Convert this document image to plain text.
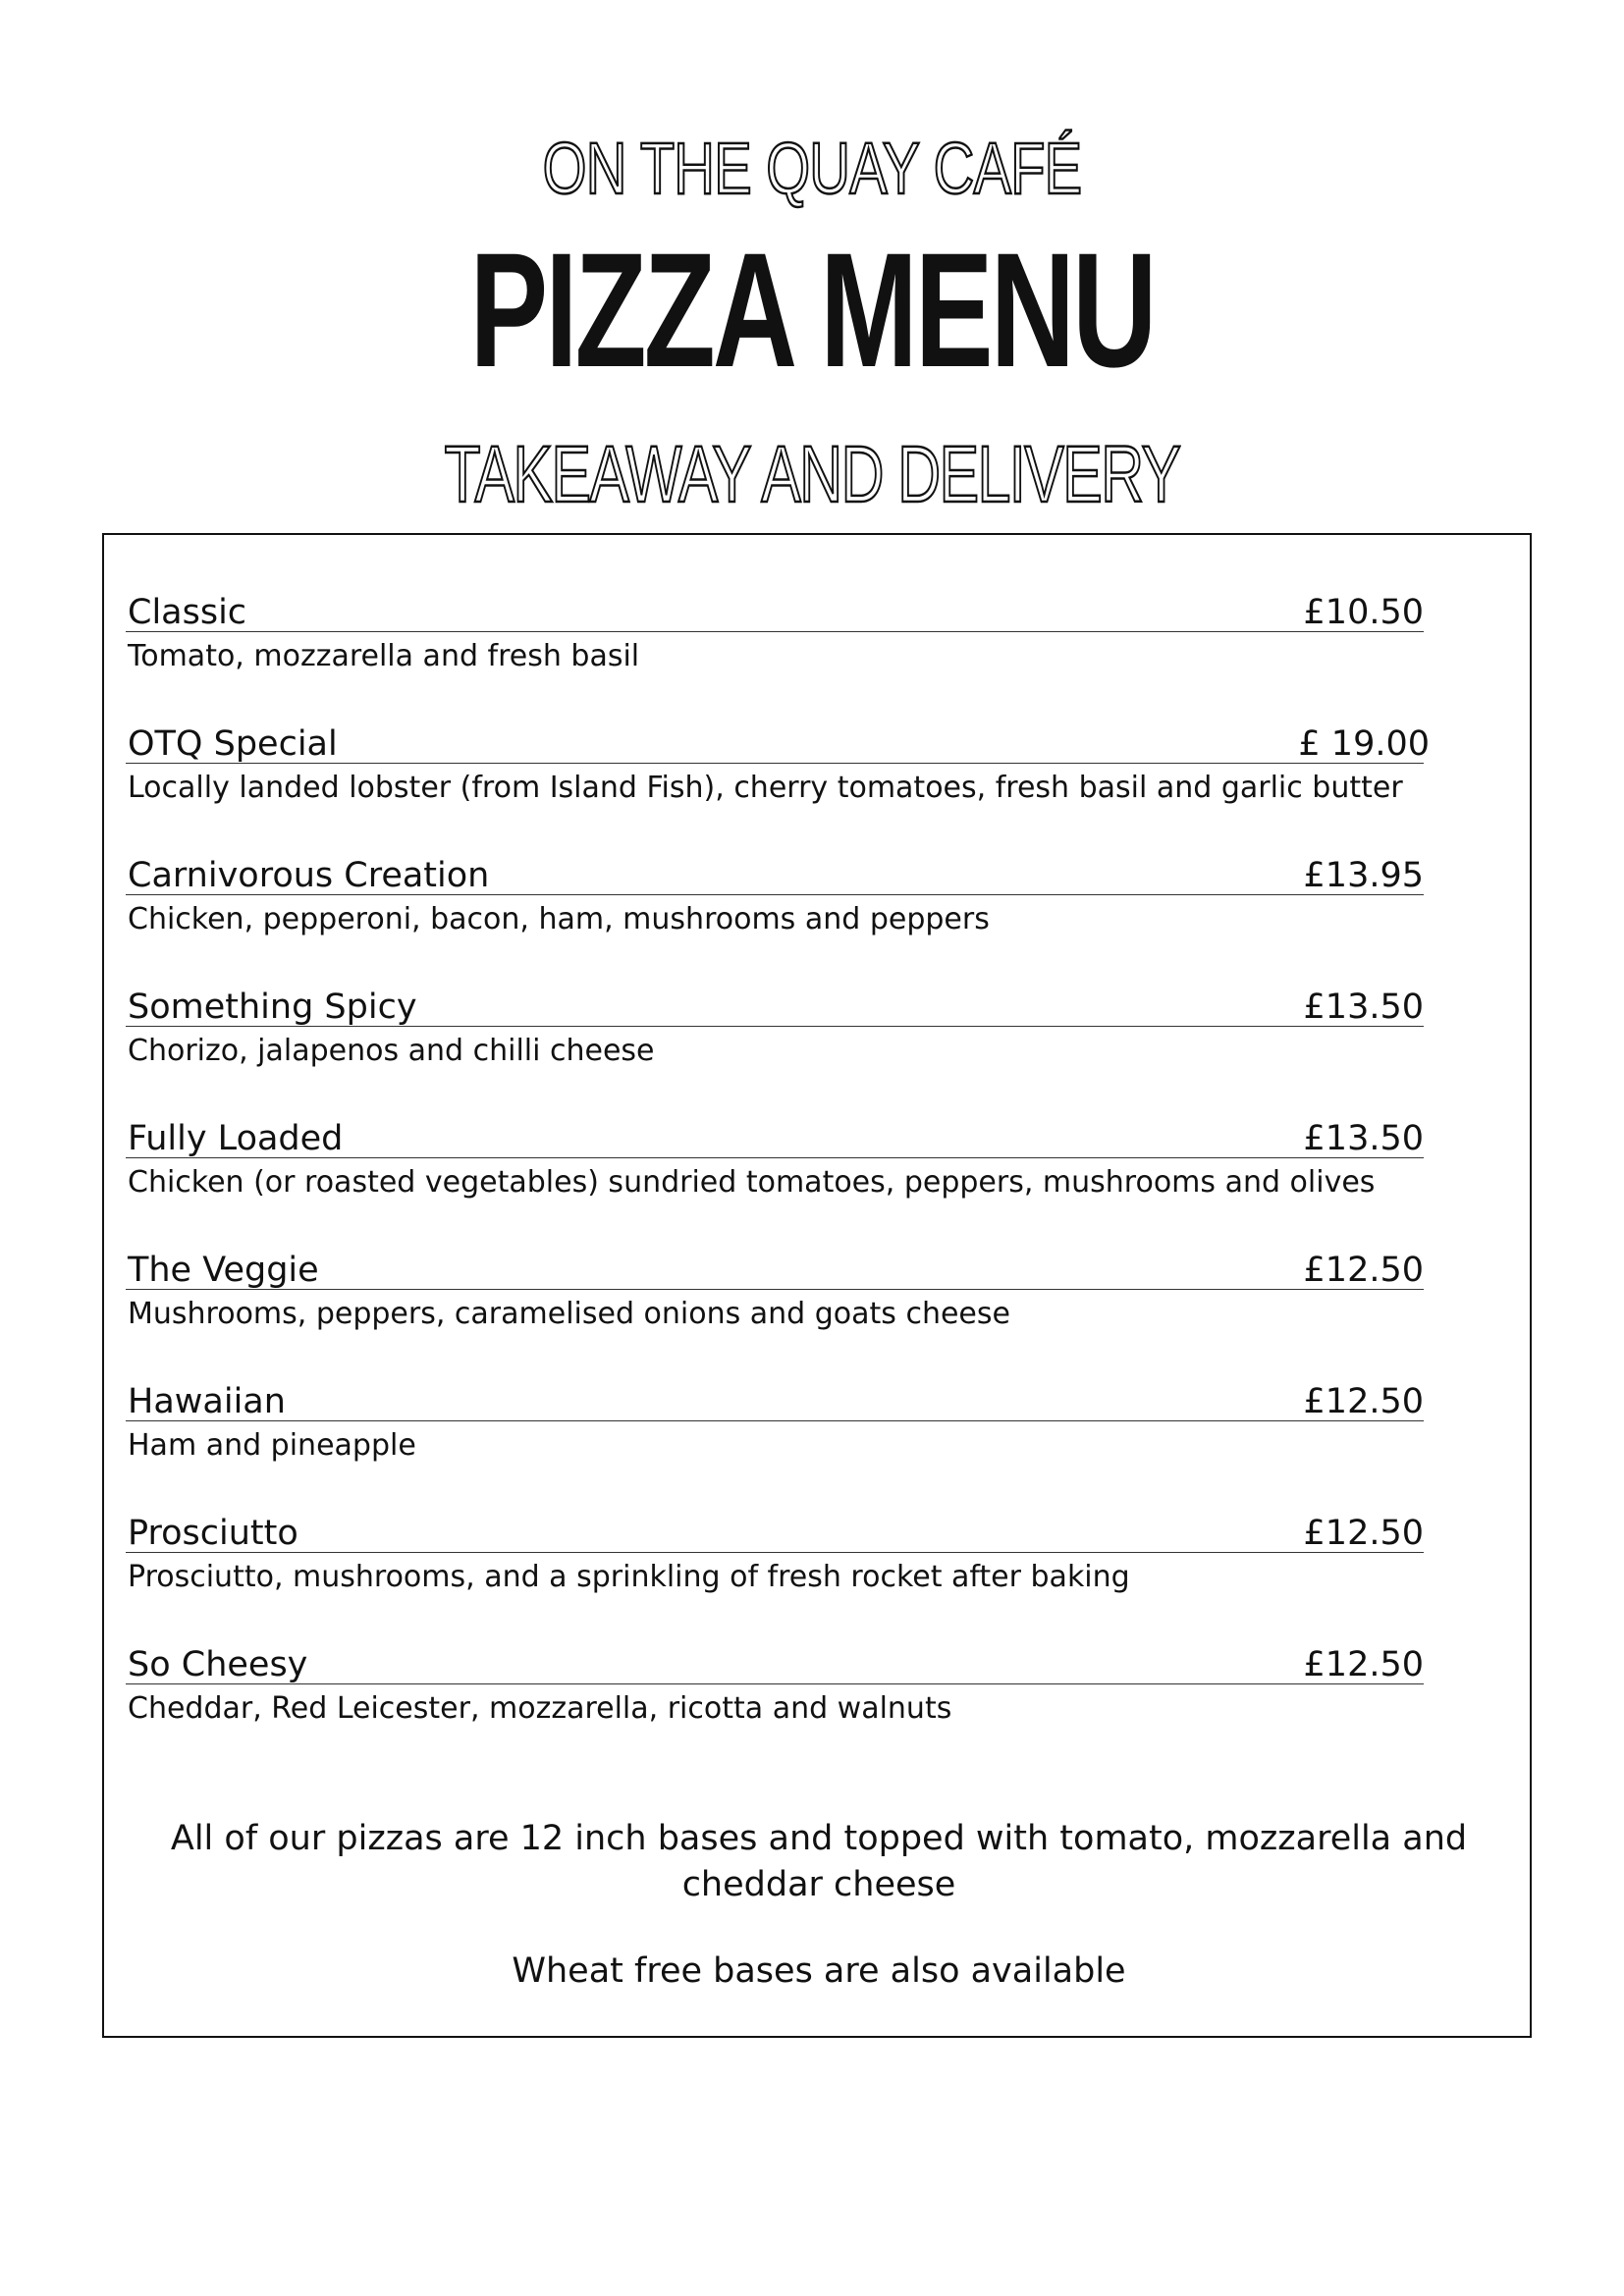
ON THE QUAY CAFÉ
PIZZA MENU
TAKEAWAY AND DELIVERY
Classic	£10.50
Tomato, mozzarella and fresh basil
OTQ Special	£ 19.00
Locally landed lobster (from Island Fish), cherry tomatoes, fresh basil and garlic butter
Carnivorous Creation	£13.95
Chicken, pepperoni, bacon, ham, mushrooms and peppers
Something Spicy	£13.50
Chorizo, jalapenos and chilli cheese
Fully Loaded	£13.50
Chicken (or roasted vegetables) sundried tomatoes, peppers, mushrooms and olives
The Veggie	£12.50
Mushrooms, peppers, caramelised onions and goats cheese
Hawaiian	£12.50
Ham and pineapple
Prosciutto	£12.50
Prosciutto, mushrooms, and a sprinkling of fresh rocket after baking
So Cheesy	£12.50
Cheddar, Red Leicester, mozzarella, ricotta and walnuts
All of our pizzas are 12 inch bases and topped with tomato, mozzarella and cheddar cheese
Wheat free bases are also available
